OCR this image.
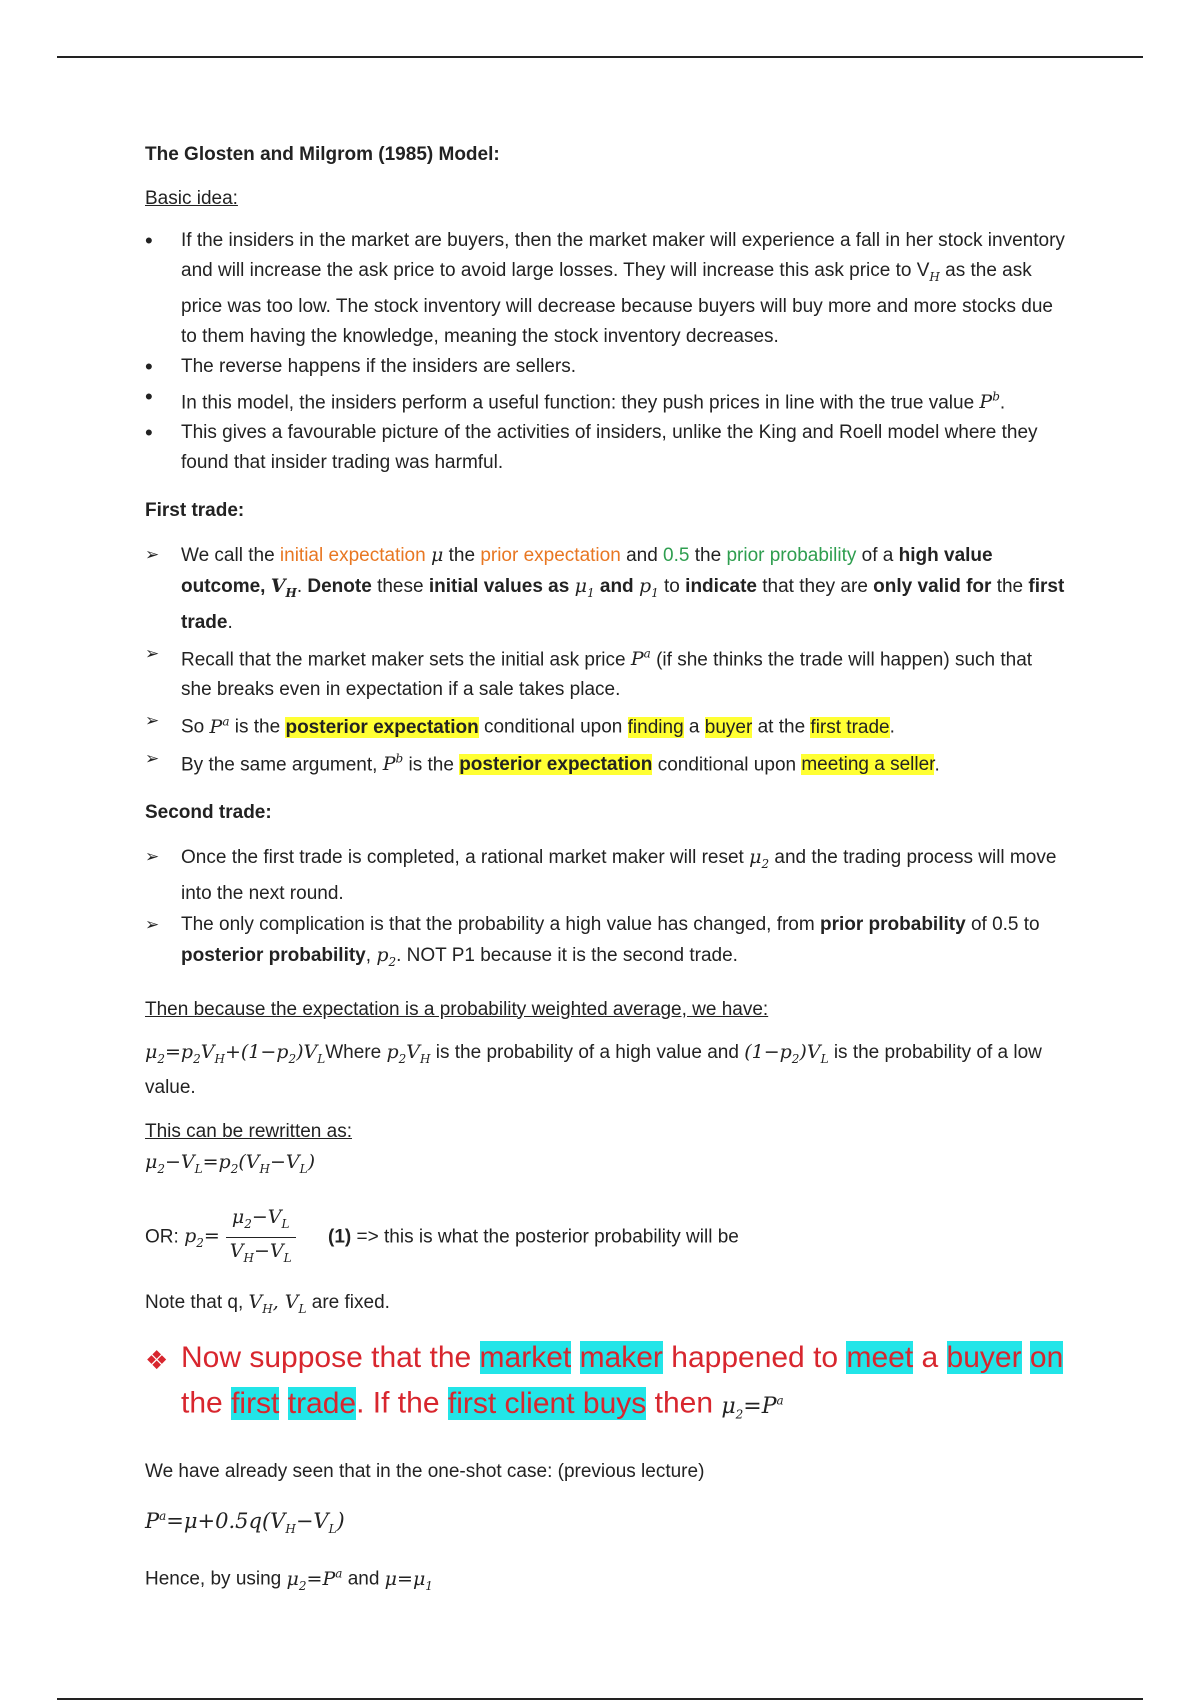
The Glosten and Milgrom (1985) Model:
Basic idea:
• If the insiders in the market are buyers, then the market maker will experience a fall in her stock inventory and will increase the ask price to avoid large losses. They will increase this ask price to $V_H$ as the ask price was too low. The stock inventory will decrease because buyers will buy more and more stocks due to them having the knowledge, meaning the stock inventory decreases.
• The reverse happens if the insiders are sellers.
• In this model, the insiders perform a useful function: they push prices in line with the true value $P^b$.
• This gives a favourable picture of the activities of insiders, unlike the King and Roell model where they found that insider trading was harmful.
First trade:
➢ We call the initial expectation μ the prior expectation and 0.5 the prior probability of a high value outcome, $V_H$. Denote these initial values as $\mu_1$ and $p_1$ to indicate that they are only valid for the first trade.
➢ Recall that the market maker sets the initial ask price $P^a$ (if she thinks the trade will happen) such that she breaks even in expectation if a sale takes place.
➢ So $P^a$ is the posterior expectation conditional upon finding a buyer at the first trade.
➢ By the same argument, $P^b$ is the posterior expectation conditional upon meeting a seller.
Second trade:
➢ Once the first trade is completed, a rational market maker will reset $\mu_2$ and the trading process will move into the next round.
➢ The only complication is that the probability a high value has changed, from prior probability of 0.5 to posterior probability, $p_2$. NOT P1 because it is the second trade.
Then because the expectation is a probability weighted average, we have:
$\mu_2=p_2V_H+(1-p_2)V_LWhere$ $p_2V_H$ is the probability of a high value and $(1-p_2)V_L$ is the probability of a low value.
This can be rewritten as:
$\mu_2-V_L=p_2(V_H-V_L)$
OR: $p_2= \frac{\mu_2-V_L}{V_H-V_L} (1)$ => this is what the posterior probability will be
Note that q, $V_H$, $V_L$ are fixed.
❖ Now suppose that the market maker happened to meet a buyer on the first trade. If the first client buys then $\mu_2=P^a$
We have already seen that in the one-shot case: (previous lecture)
$P^a=\mu+0.5q(V_H-V_L)$
Hence, by using $\mu_2=P^a$ and $\mu=\mu_1$
